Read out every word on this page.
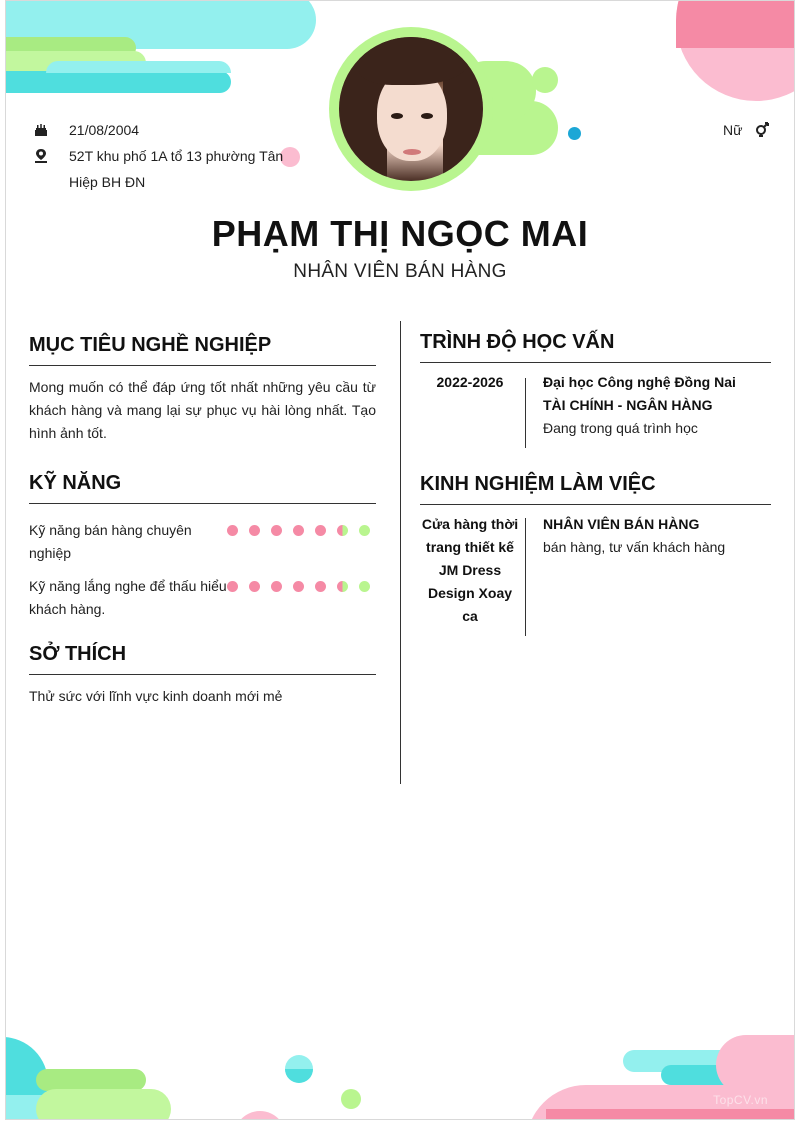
21/08/2004
52T khu phố 1A tổ 13 phường Tân Hiệp BH ĐN
Nữ
PHẠM THỊ NGỌC MAI
NHÂN VIÊN BÁN HÀNG
MỤC TIÊU NGHỀ NGHIỆP
Mong muốn có thể đáp ứng tốt nhất những yêu cầu từ khách hàng và mang lại sự phục vụ hài lòng nhất. Tạo hình ảnh tốt.
KỸ NĂNG
Kỹ năng bán hàng chuyên nghiệp
Kỹ năng lắng nghe để thấu hiểu khách hàng.
SỞ THÍCH
Thử sức với lĩnh vực kinh doanh mới mẻ
TRÌNH ĐỘ HỌC VẤN
2022-2026	Đại học Công nghệ Đồng Nai
TÀI CHÍNH - NGÂN HÀNG
Đang trong quá trình học
KINH NGHIỆM LÀM VIỆC
Cửa hàng thời trang thiết kế JM Dress Design Xoay ca
NHÂN VIÊN BÁN HÀNG
bán hàng, tư vấn khách hàng
TopCV.vn
